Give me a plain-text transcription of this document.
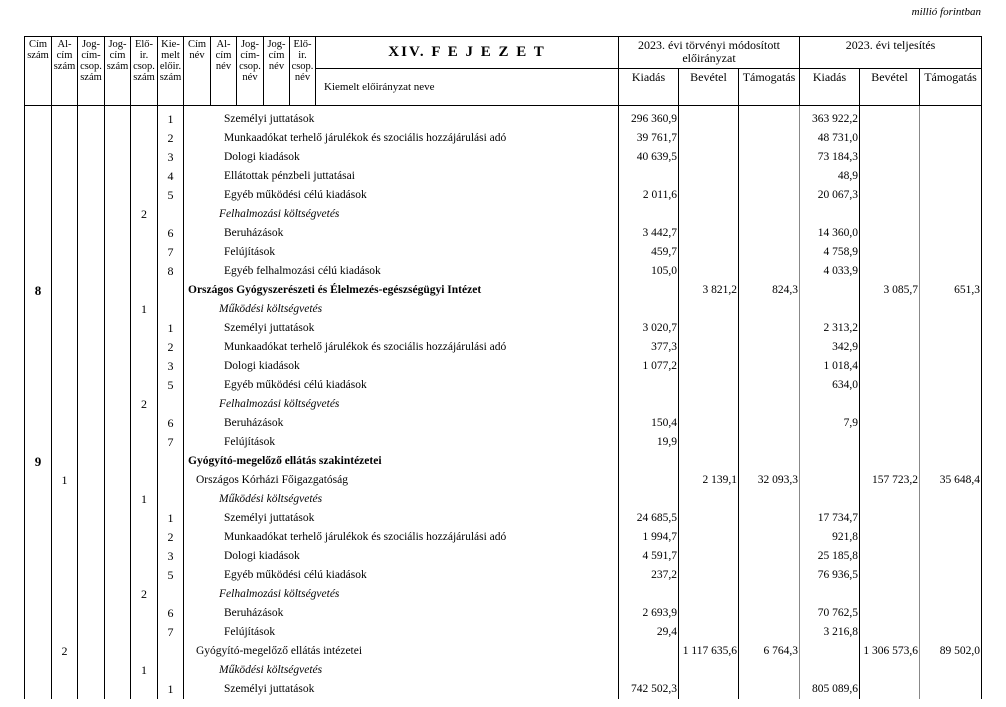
millió forintban
Cím szám	Al- cím szám	Jog- cím- csop. szám	Jog- cím szám	Elő- ir. csop. szám	Kie- melt előir. szám	Cím név	Al- cím név	Jog- cím- csop. név	Jog- cím név	Elő- ir. csop. név	XIV. F E J E Z E T	2023. évi törvényi módosított előirányzat			2023. évi teljesítés		
											Kiemelt előirányzat neve	Kiadás	Bevétel	Támogatás	Kiadás	Bevétel	Támogatás
					1	Személyi juttatások						296 360,9			363 922,2		
					2	Munkaadókat terhelő járulékok és szociális hozzájárulási adó						39 761,7			48 731,0		
					3	Dologi kiadások						40 639,5			73 184,3		
					4	Ellátottak pénzbeli juttatásai									48,9		
					5	Egyéb működési célú kiadások						2 011,6			20 067,3		
				2		Felhalmozási költségvetés											
					6	Beruházások						3 442,7			14 360,0		
					7	Felújítások						459,7			4 758,9		
					8	Egyéb felhalmozási célú kiadások						105,0			4 033,9		
8						Országos Gyógyszerészeti és Élelmezés-egészségügyi Intézet							3 821,2	824,3		3 085,7	651,3
				1		Működési költségvetés											
					1	Személyi juttatások						3 020,7			2 313,2		
					2	Munkaadókat terhelő járulékok és szociális hozzájárulási adó						377,3			342,9		
					3	Dologi kiadások						1 077,2			1 018,4		
					5	Egyéb működési célú kiadások									634,0		
				2		Felhalmozási költségvetés											
					6	Beruházások						150,4			7,9		
					7	Felújítások						19,9					
9						Gyógyító-megelőző ellátás szakintézetei											
	1					Országos Kórházi Főigazgatóság							2 139,1	32 093,3		157 723,2	35 648,4
				1		Működési költségvetés											
					1	Személyi juttatások						24 685,5			17 734,7		
					2	Munkaadókat terhelő járulékok és szociális hozzájárulási adó						1 994,7			921,8		
					3	Dologi kiadások						4 591,7			25 185,8		
					5	Egyéb működési célú kiadások						237,2			76 936,5		
				2		Felhalmozási költségvetés											
					6	Beruházások						2 693,9			70 762,5		
					7	Felújítások						29,4			3 216,8		
	2					Gyógyító-megelőző ellátás intézetei							1 117 635,6	6 764,3		1 306 573,6	89 502,0
				1		Működési költségvetés											
					1	Személyi juttatások						742 502,3			805 089,6		
